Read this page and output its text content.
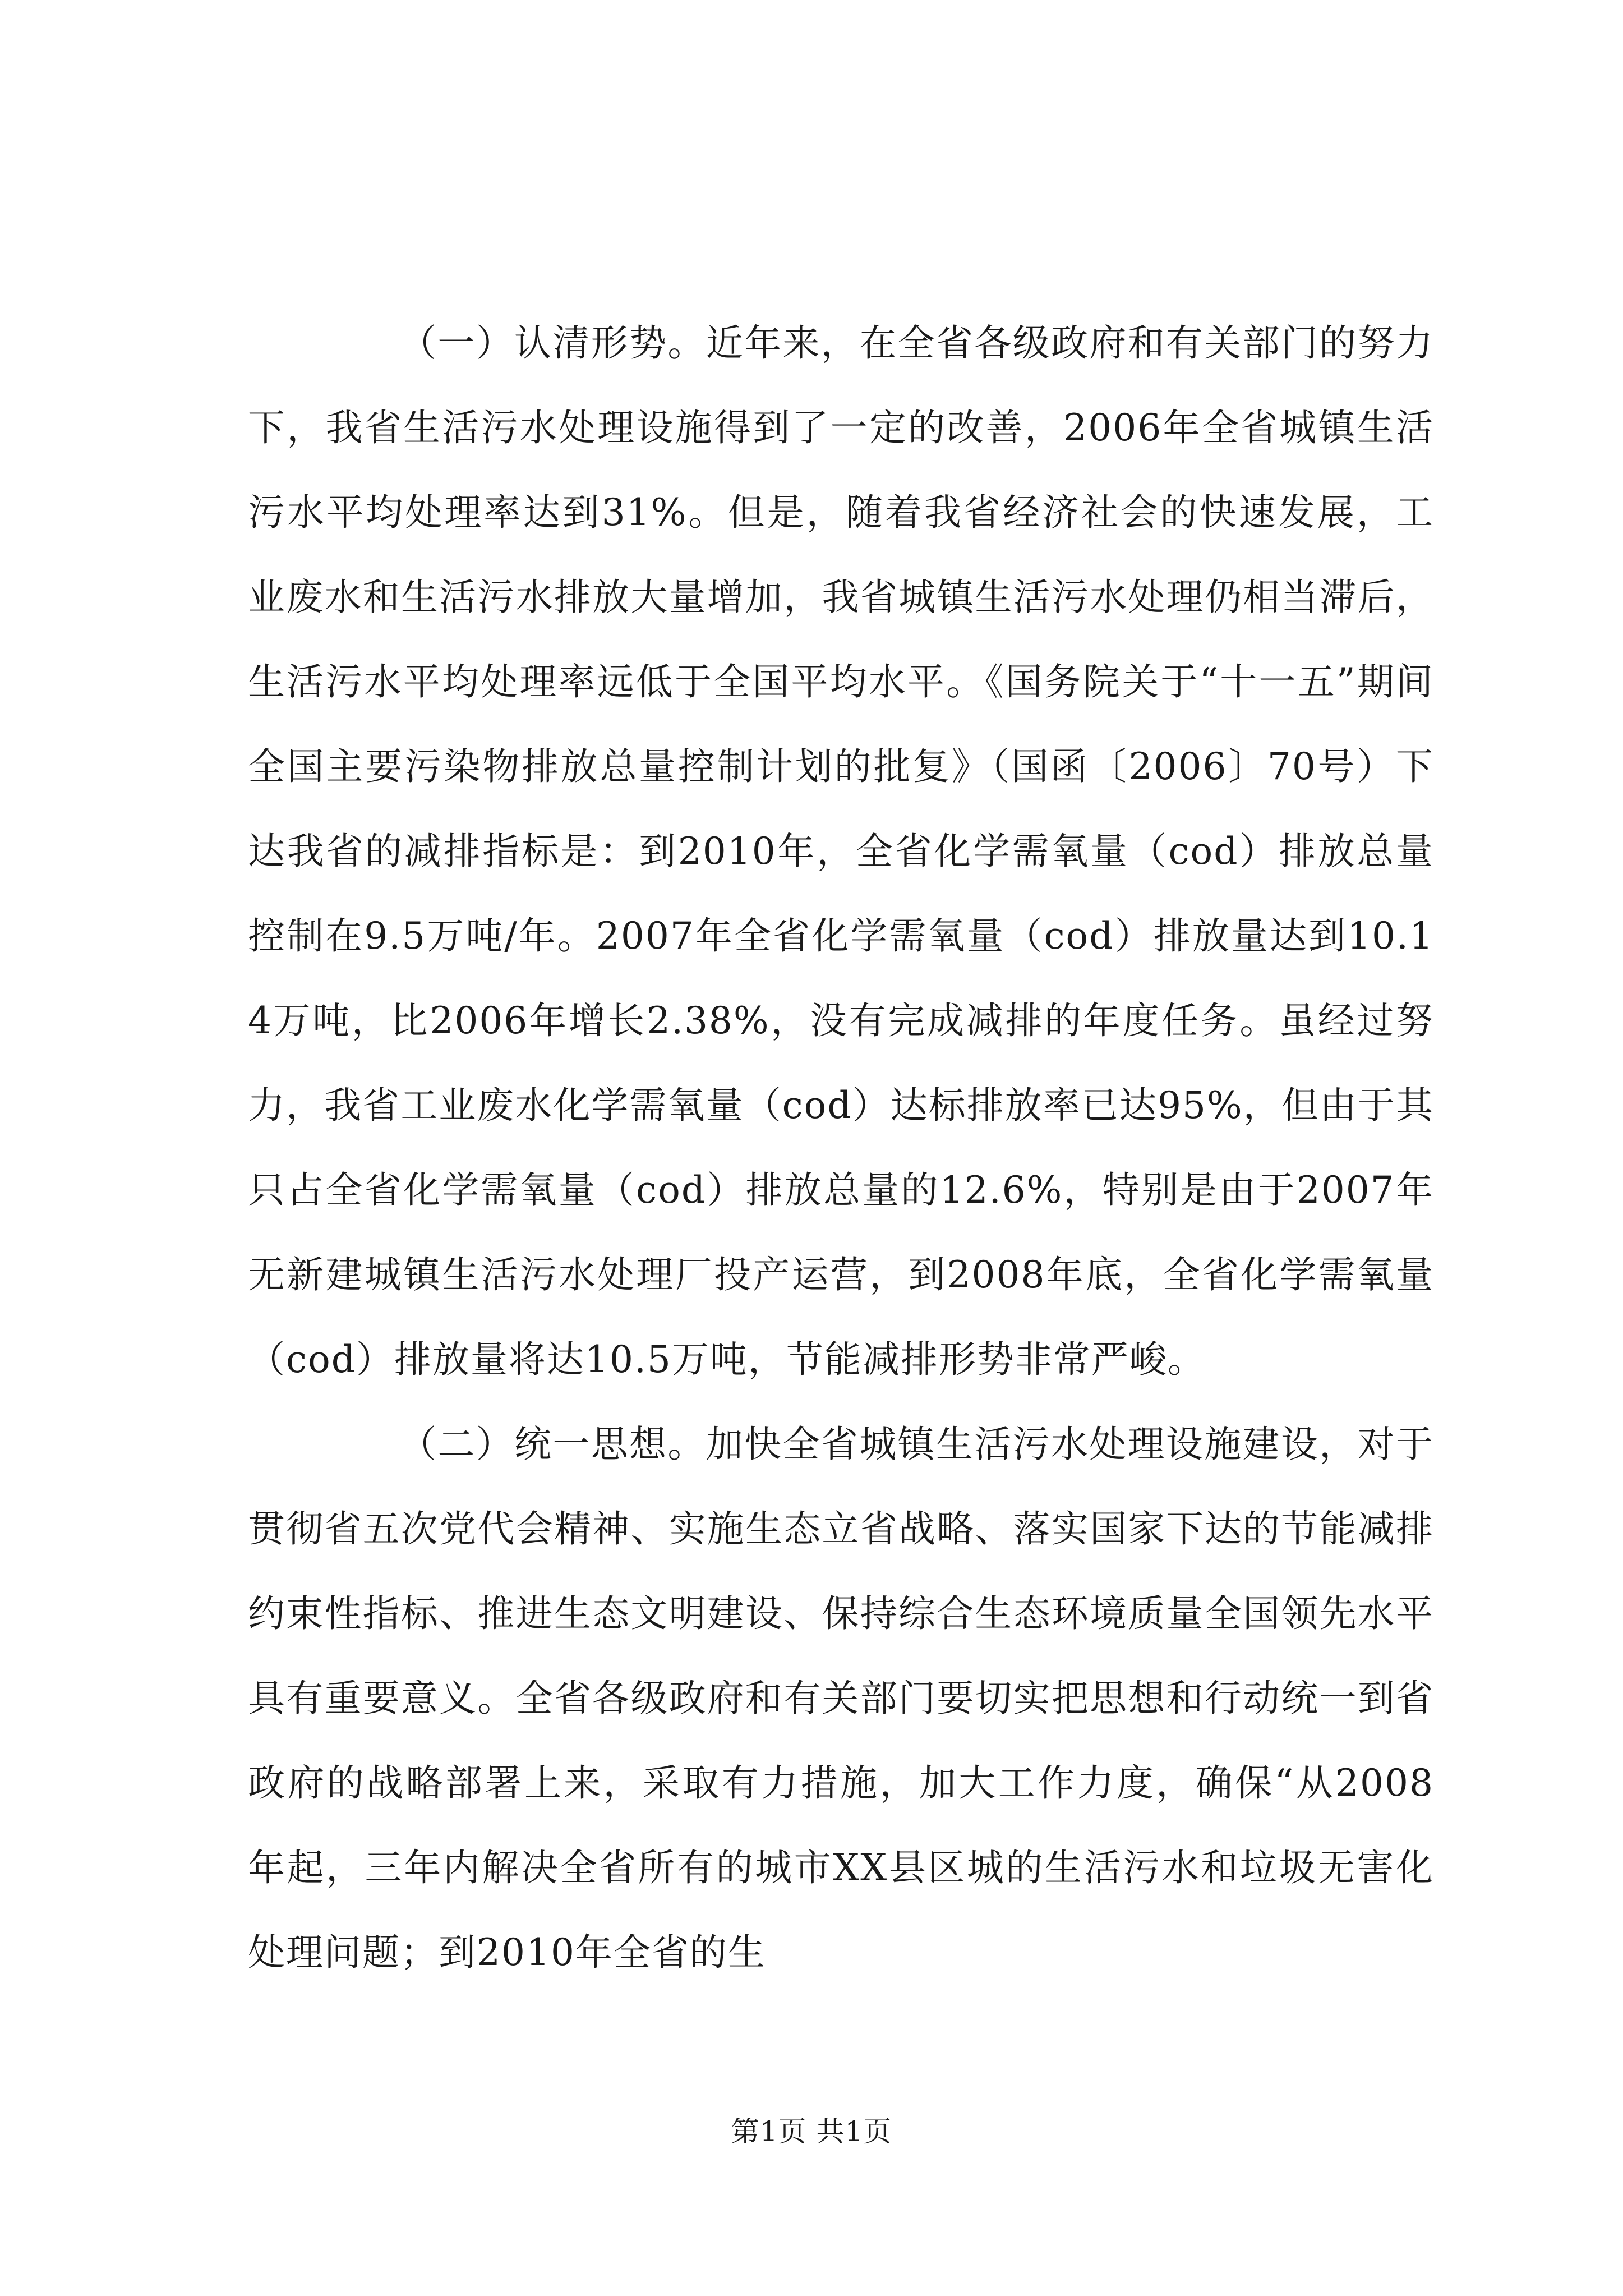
（一）认清形势。近年来，在全省各级政府和有关部门的努力下，我省生活污水处理设施得到了一定的改善，2006年全省城镇生活污水平均处理率达到31%。但是，随着我省经济社会的快速发展，工业废水和生活污水排放大量增加，我省城镇生活污水处理仍相当滞后，生活污水平均处理率远低于全国平均水平。《国务院关于“十一五”期间全国主要污染物排放总量控制计划的批复》（国函〔2006〕70号）下达我省的减排指标是：到2010年，全省化学需氧量（cod）排放总量控制在9.5万吨/年。2007年全省化学需氧量（cod）排放量达到10.14万吨，比2006年增长2.38%，没有完成减排的年度任务。虽经过努力，我省工业废水化学需氧量（cod）达标排放率已达95%，但由于其只占全省化学需氧量（cod）排放总量的12.6%，特别是由于2007年无新建城镇生活污水处理厂投产运营，到2008年底，全省化学需氧量（cod）排放量将达10.5万吨，节能减排形势非常严峻。

（二）统一思想。加快全省城镇生活污水处理设施建设，对于贯彻省五次党代会精神、实施生态立省战略、落实国家下达的节能减排约束性指标、推进生态文明建设、保持综合生态环境质量全国领先水平具有重要意义。全省各级政府和有关部门要切实把思想和行动统一到省政府的战略部署上来，采取有力措施，加大工作力度，确保“从2008年起，三年内解决全省所有的城市XX县区城的生活污水和垃圾无害化处理问题；到2010年全省的生

第1页 共1页
